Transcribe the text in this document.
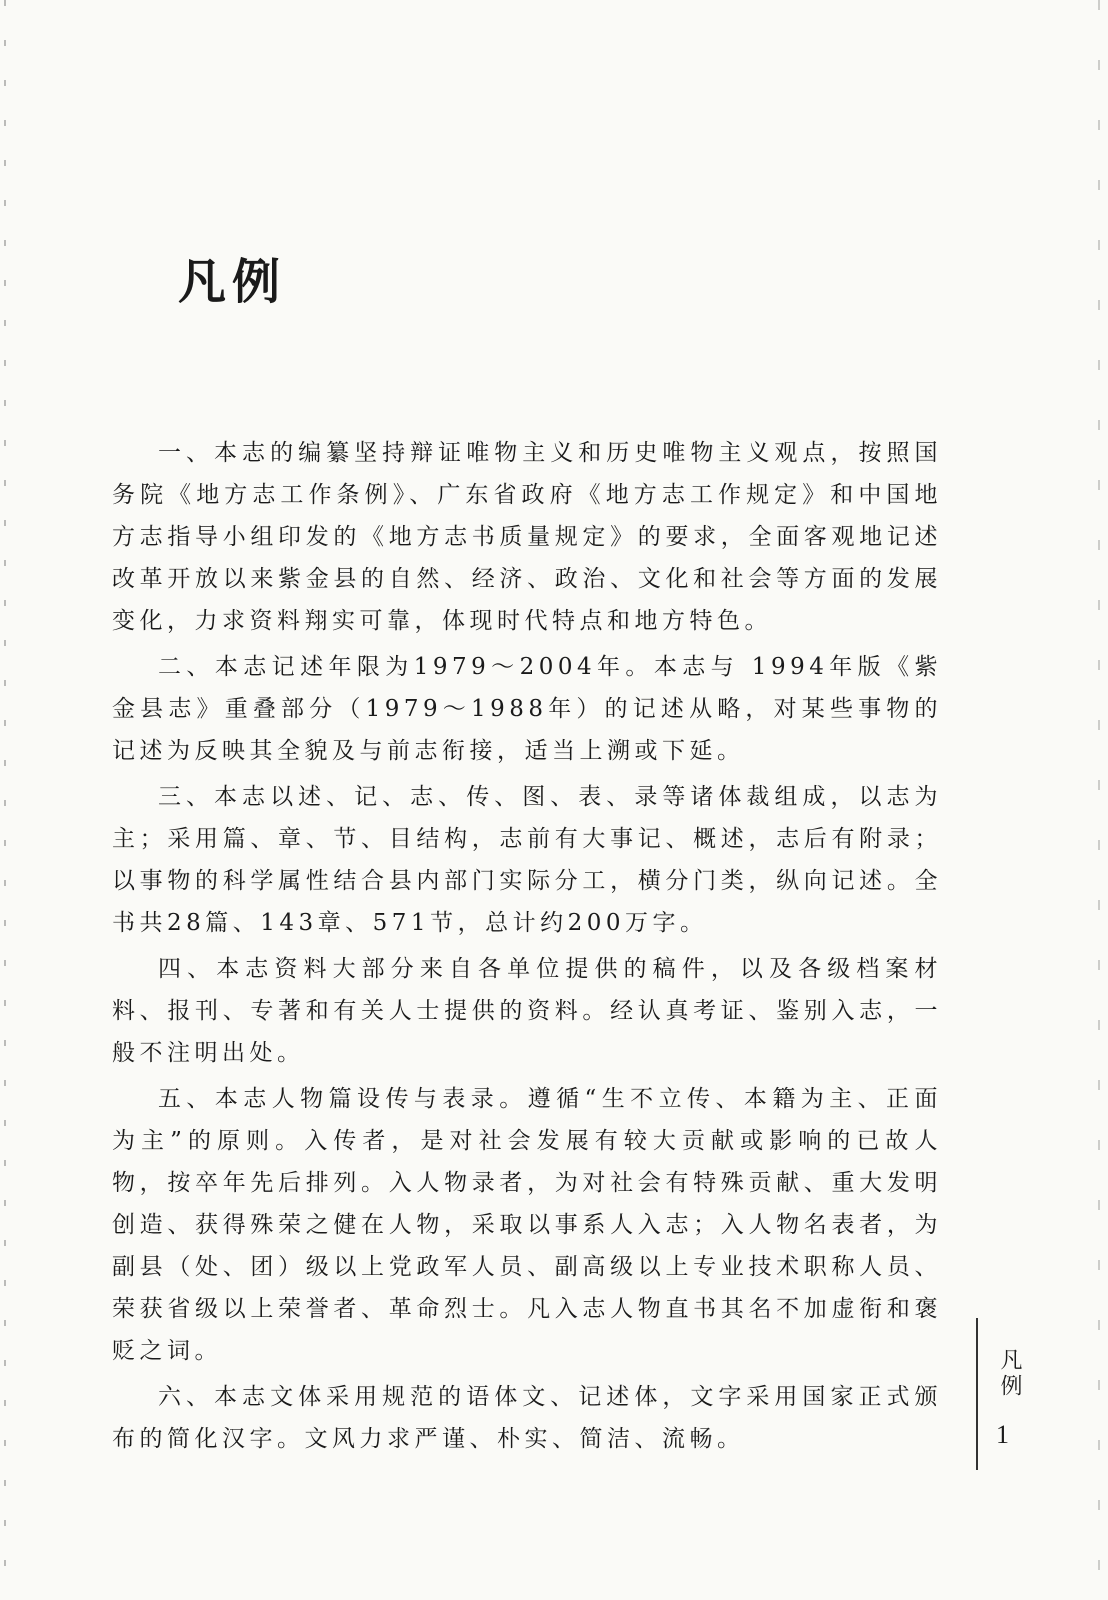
凡例

一、本志的编纂坚持辩证唯物主义和历史唯物主义观点，按照国务院《地方志工作条例》、广东省政府《地方志工作规定》和中国地方志指导小组印发的《地方志书质量规定》的要求，全面客观地记述改革开放以来紫金县的自然、经济、政治、文化和社会等方面的发展变化，力求资料翔实可靠，体现时代特点和地方特色。

二、本志记述年限为1979～2004年。本志与 1994年版《紫金县志》重叠部分（1979～1988年）的记述从略，对某些事物的记述为反映其全貌及与前志衔接，适当上溯或下延。

三、本志以述、记、志、传、图、表、录等诸体裁组成，以志为主；采用篇、章、节、目结构，志前有大事记、概述，志后有附录；以事物的科学属性结合县内部门实际分工，横分门类，纵向记述。全书共28篇、143章、571节，总计约200万字。

四、本志资料大部分来自各单位提供的稿件，以及各级档案材料、报刊、专著和有关人士提供的资料。经认真考证、鉴别入志，一般不注明出处。

五、本志人物篇设传与表录。遵循“生不立传、本籍为主、正面为主”的原则。入传者，是对社会发展有较大贡献或影响的已故人物，按卒年先后排列。入人物录者，为对社会有特殊贡献、重大发明创造、获得殊荣之健在人物，采取以事系人入志；入人物名表者，为副县（处、团）级以上党政军人员、副高级以上专业技术职称人员、荣获省级以上荣誉者、革命烈士。凡入志人物直书其名不加虚衔和褒贬之词。

六、本志文体采用规范的语体文、记述体，文字采用国家正式颁布的简化汉字。文风力求严谨、朴实、简洁、流畅。

凡例
1
